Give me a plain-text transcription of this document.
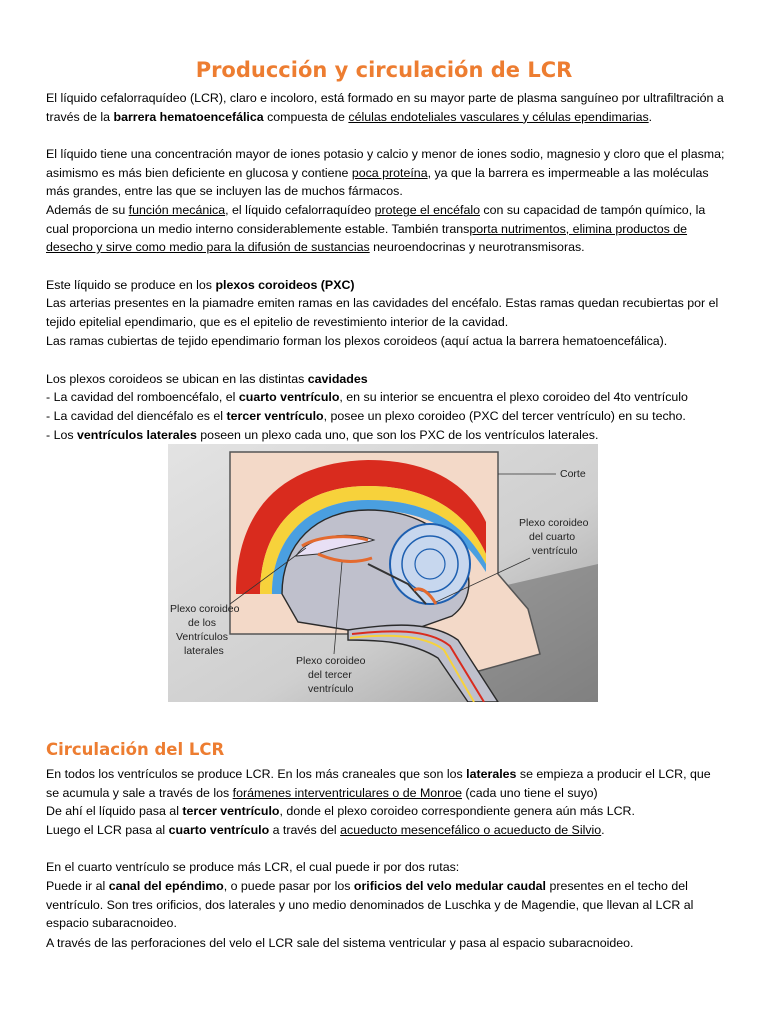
Producción y circulación de LCR

El líquido cefalorraquídeo (LCR), claro e incoloro, está formado en su mayor parte de plasma sanguíneo por ultrafiltración a través de la barrera hematoencefálica compuesta de células endoteliales vasculares y células ependimarias.

El líquido tiene una concentración mayor de iones potasio y calcio y menor de iones sodio, magnesio y cloro que el plasma; asimismo es más bien deficiente en glucosa y contiene poca proteína, ya que la barrera es impermeable a las moléculas más grandes, entre las que se incluyen las de muchos fármacos.

Además de su función mecánica, el líquido cefalorraquídeo protege el encéfalo con su capacidad de tampón químico, la cual proporciona un medio interno considerablemente estable. También transporta nutrimentos, elimina productos de desecho y sirve como medio para la difusión de sustancias neuroendocrinas y neurotransmisoras.

Este líquido se produce en los plexos coroideos (PXC)

Las arterias presentes en la piamadre emiten ramas en las cavidades del encéfalo. Estas ramas quedan recubiertas por el tejido epitelial ependimario, que es el epitelio de revestimiento interior de la cavidad.

Las ramas cubiertas de tejido ependimario forman los plexos coroideos (aquí actua la barrera hematoencefálica).

Los plexos coroideos se ubican en las distintas cavidades

- La cavidad del romboencéfalo, el cuarto ventrículo, en su interior se encuentra el plexo coroideo del 4to ventrículo

- La cavidad del diencéfalo es el tercer ventrículo, posee un plexo coroideo (PXC del tercer ventrículo) en su techo.

- Los ventrículos laterales poseen un plexo cada uno, que son los PXC de los ventrículos laterales.

Corte
Plexo coroideo
del cuarto
ventrículo
Plexo coroideo
de los
Ventrículos
laterales
Plexo coroideo
del tercer
ventrículo
Circulación del LCR

En todos los ventrículos se produce LCR. En los más craneales que son los laterales se empieza a producir el LCR, que se acumula y sale a través de los forámenes interventriculares o de Monroe (cada uno tiene el suyo)

De ahí el líquido pasa al tercer ventrículo, donde el plexo coroideo correspondiente genera aún más LCR.

Luego el LCR pasa al cuarto ventrículo a través del acueducto mesencefálico o acueducto de Silvio.

En el cuarto ventrículo se produce más LCR, el cual puede ir por dos rutas:

Puede ir al canal del epéndimo, o puede pasar por los orificios del velo medular caudal presentes en el techo del ventrículo. Son tres orificios, dos laterales y uno medio denominados de Luschka y de Magendie, que llevan al LCR al espacio subaracnoideo.

A través de las perforaciones del velo el LCR sale del sistema ventricular y pasa al espacio subaracnoideo.
